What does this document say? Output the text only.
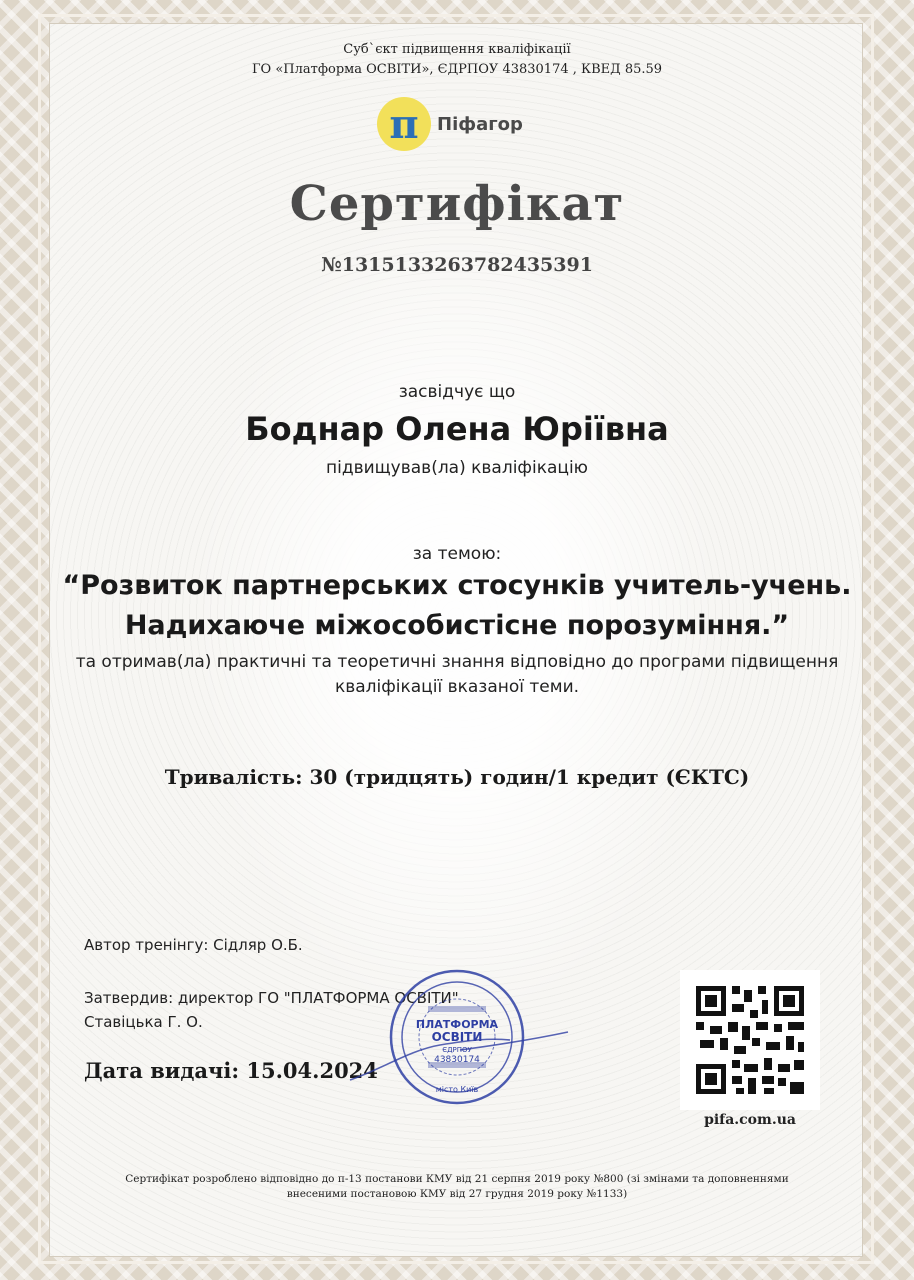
Суб`єкт підвищення кваліфікації
ГО «Платформа ОСВІТИ», ЄДРПОУ 43830174 , КВЕД 85.59
π	Піфагор
Сертифікат
№1315133263782435391
засвідчує що
Боднар Олена Юріївна
підвищував(ла) кваліфікацію
за темою:
“Розвиток партнерських стосунків учитель-учень. Надихаюче міжособистісне порозуміння.”
та отримав(ла) практичні та теоретичні знання відповідно до програми підвищення кваліфікації вказаної теми.
Тривалість: 30 (тридцять) годин/1 кредит (ЄКТС)
Автор тренінгу: Сідляр О.Б.
Затвердив: директор ГО "ПЛАТФОРМА ОСВІТИ"
Ставіцька Г. О.
Дата видачі: 15.04.2024
ПЛАТФОРМА
ОСВІТИ
ЄДРПОУ
43830174
місто Київ
pifa.com.ua
Сертифікат розроблено відповідно до п-13 постанови КМУ від 21 серпня 2019 року №800 (зі змінами та доповненнями
внесеними постановою КМУ від 27 грудня 2019 року №1133)
